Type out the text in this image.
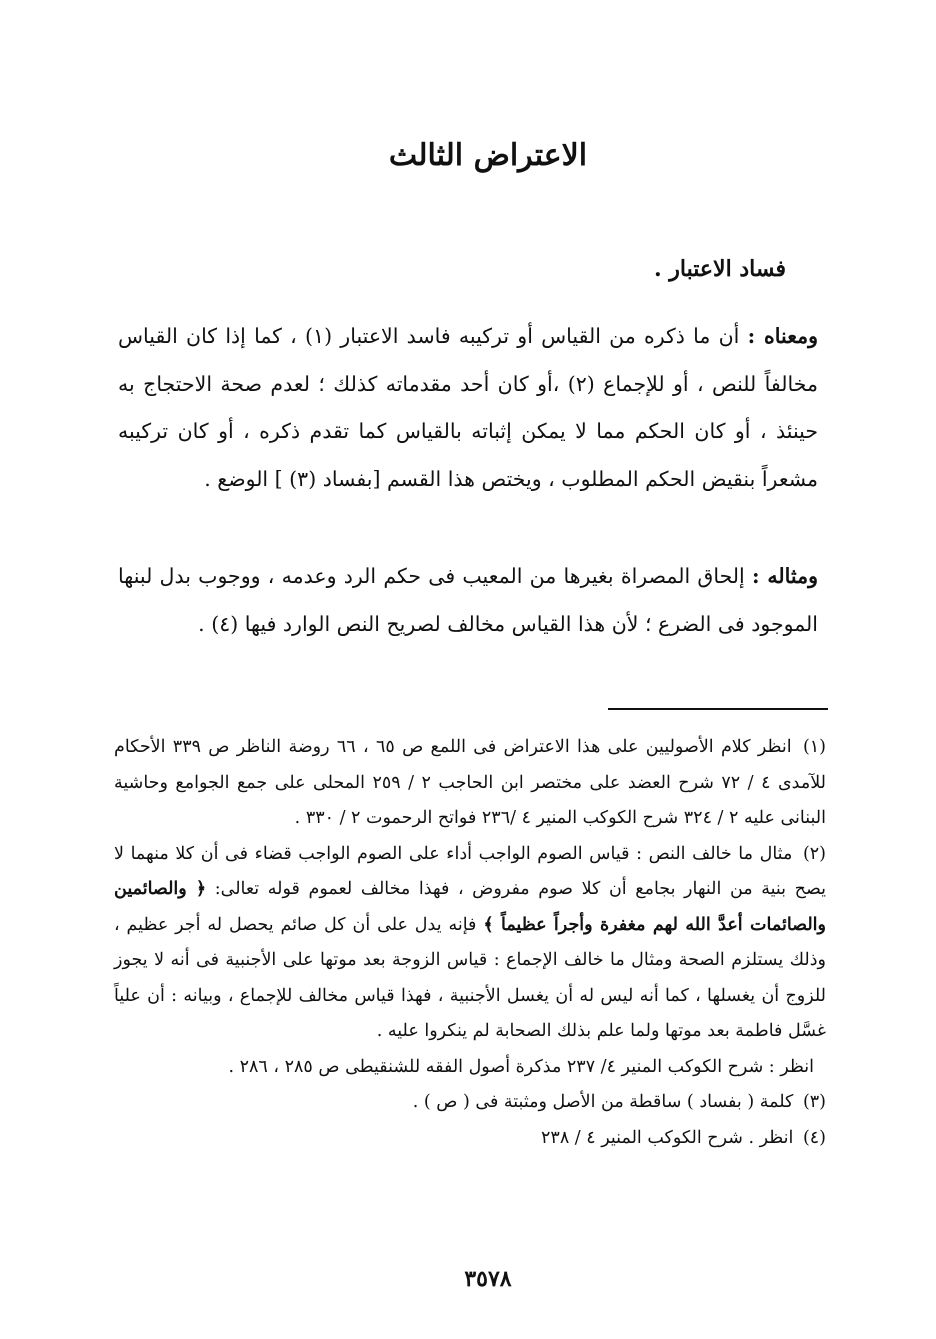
الاعتراض الثالث
فساد الاعتبار .

ومعناه : أن ما ذكره من القياس أو تركيبه فاسد الاعتبار (١) ، كما إذا كان القياس مخالفاً للنص ، أو للإجماع (٢) ،أو كان أحد مقدماته كذلك ؛ لعدم صحة الاحتجاج به حينئذ ، أو كان الحكم مما لا يمكن إثباته بالقياس كما تقدم ذكره ، أو كان تركيبه مشعراً بنقيض الحكم المطلوب ، ويختص هذا القسم [بفساد (٣) ] الوضع .

ومثاله : إلحاق المصراة بغيرها من المعيب فى حكم الرد وعدمه ، ووجوب بدل لبنها الموجود فى الضرع ؛ لأن هذا القياس مخالف لصريح النص الوارد فيها (٤) .

(١) انظر كلام الأصوليين على هذا الاعتراض فى اللمع ص ٦٥ ، ٦٦ روضة الناظر ص ٣٣٩ الأحكام للآمدى ٤ / ٧٢ شرح العضد على مختصر ابن الحاجب ٢ / ٢٥٩ المحلى على جمع الجوامع وحاشية البنانى عليه ٢ / ٣٢٤ شرح الكوكب المنير ٤ /٢٣٦ فواتح الرحموت ٢ / ٣٣٠ .
(٢) مثال ما خالف النص : قياس الصوم الواجب أداء على الصوم الواجب قضاء فى أن كلا منهما لا يصح بنية من النهار بجامع أن كلا صوم مفروض ، فهذا مخالف لعموم قوله تعالى: ﴿ والصائمين والصائمات أعدَّ الله لهم مغفرة وأجراً عظيماً ﴾ فإنه يدل على أن كل صائم يحصل له أجر عظيم ، وذلك يستلزم الصحة ومثال ما خالف الإجماع : قياس الزوجة بعد موتها على الأجنبية فى أنه لا يجوز للزوج أن يغسلها ، كما أنه ليس له أن يغسل الأجنبية ، فهذا قياس مخالف للإجماع ، وبيانه : أن علياً غسَّل فاطمة بعد موتها ولما علم بذلك الصحابة لم ينكروا عليه .
انظر : شرح الكوكب المنير ٤/ ٢٣٧ مذكرة أصول الفقه للشنقيطى ص ٢٨٥ ، ٢٨٦ .
(٣) كلمة ( بفساد ) ساقطة من الأصل ومثبتة فى ( ص ) .
(٤) انظر . شرح الكوكب المنير ٤ / ٢٣٨
٣٥٧٨
